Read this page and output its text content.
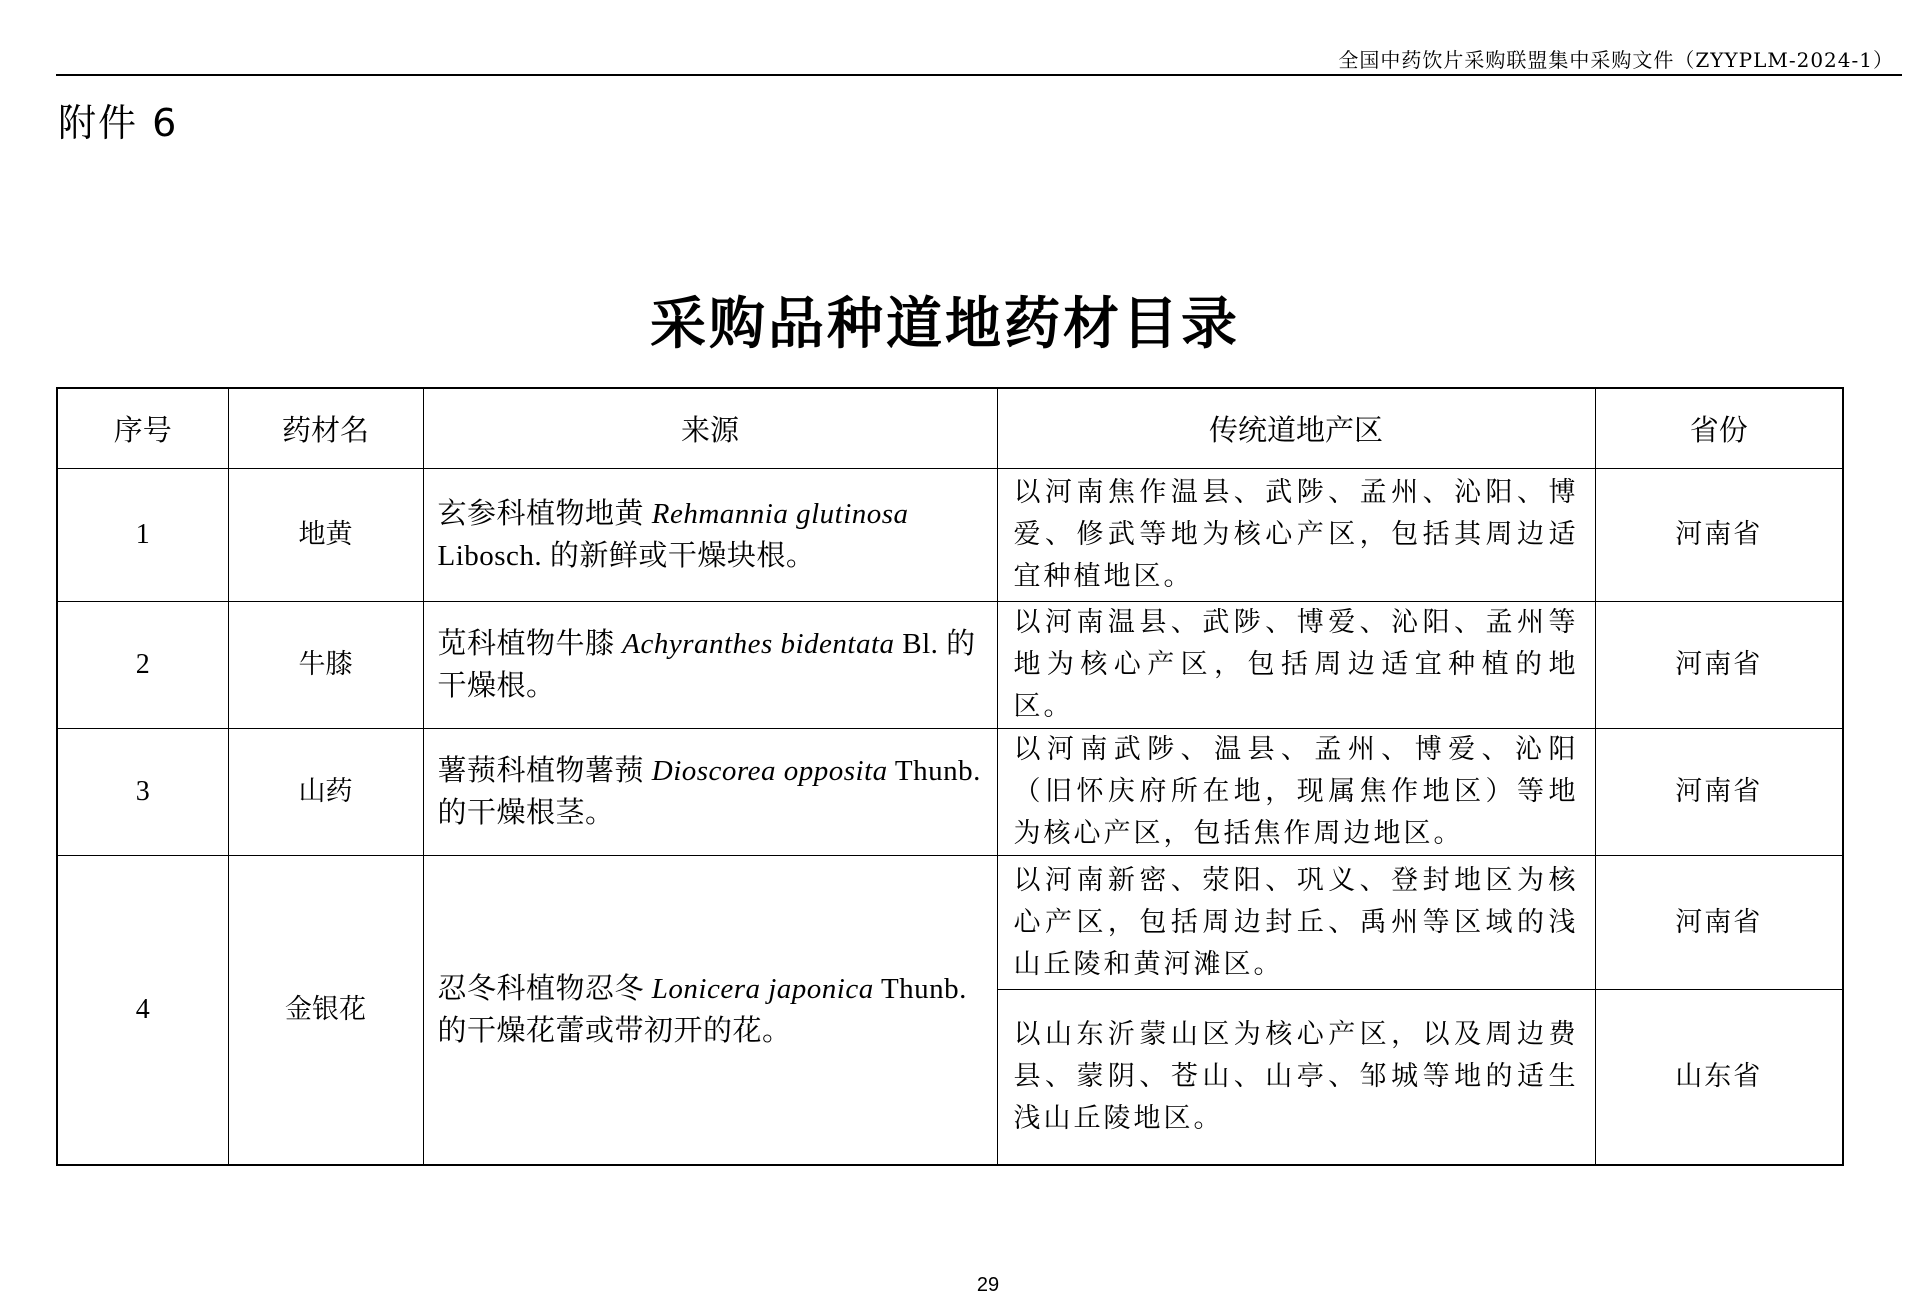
全国中药饮片采购联盟集中采购文件（ZYYPLM-2024-1）
附件 6
采购品种道地药材目录
序号	药材名	来源	传统道地产区	省份
1	地黄	玄参科植物地黄 Rehmannia glutinosa Libosch. 的新鲜或干燥块根。	以河南焦作温县、武陟、孟州、沁阳、博爱、修武等地为核心产区，包括其周边适宜种植地区。	河南省
2	牛膝	苋科植物牛膝 Achyranthes bidentata Bl. 的干燥根。	以河南温县、武陟、博爱、沁阳、孟州等地为核心产区，包括周边适宜种植的地区。	河南省
3	山药	薯蓣科植物薯蓣 Dioscorea opposita Thunb. 的干燥根茎。	以河南武陟、温县、孟州、博爱、沁阳（旧怀庆府所在地，现属焦作地区）等地为核心产区，包括焦作周边地区。	河南省
4	金银花	忍冬科植物忍冬 Lonicera japonica Thunb. 的干燥花蕾或带初开的花。	以河南新密、荥阳、巩义、登封地区为核心产区，包括周边封丘、禹州等区域的浅山丘陵和黄河滩区。	河南省
			以山东沂蒙山区为核心产区，以及周边费县、蒙阴、苍山、山亭、邹城等地的适生浅山丘陵地区。	山东省
29
